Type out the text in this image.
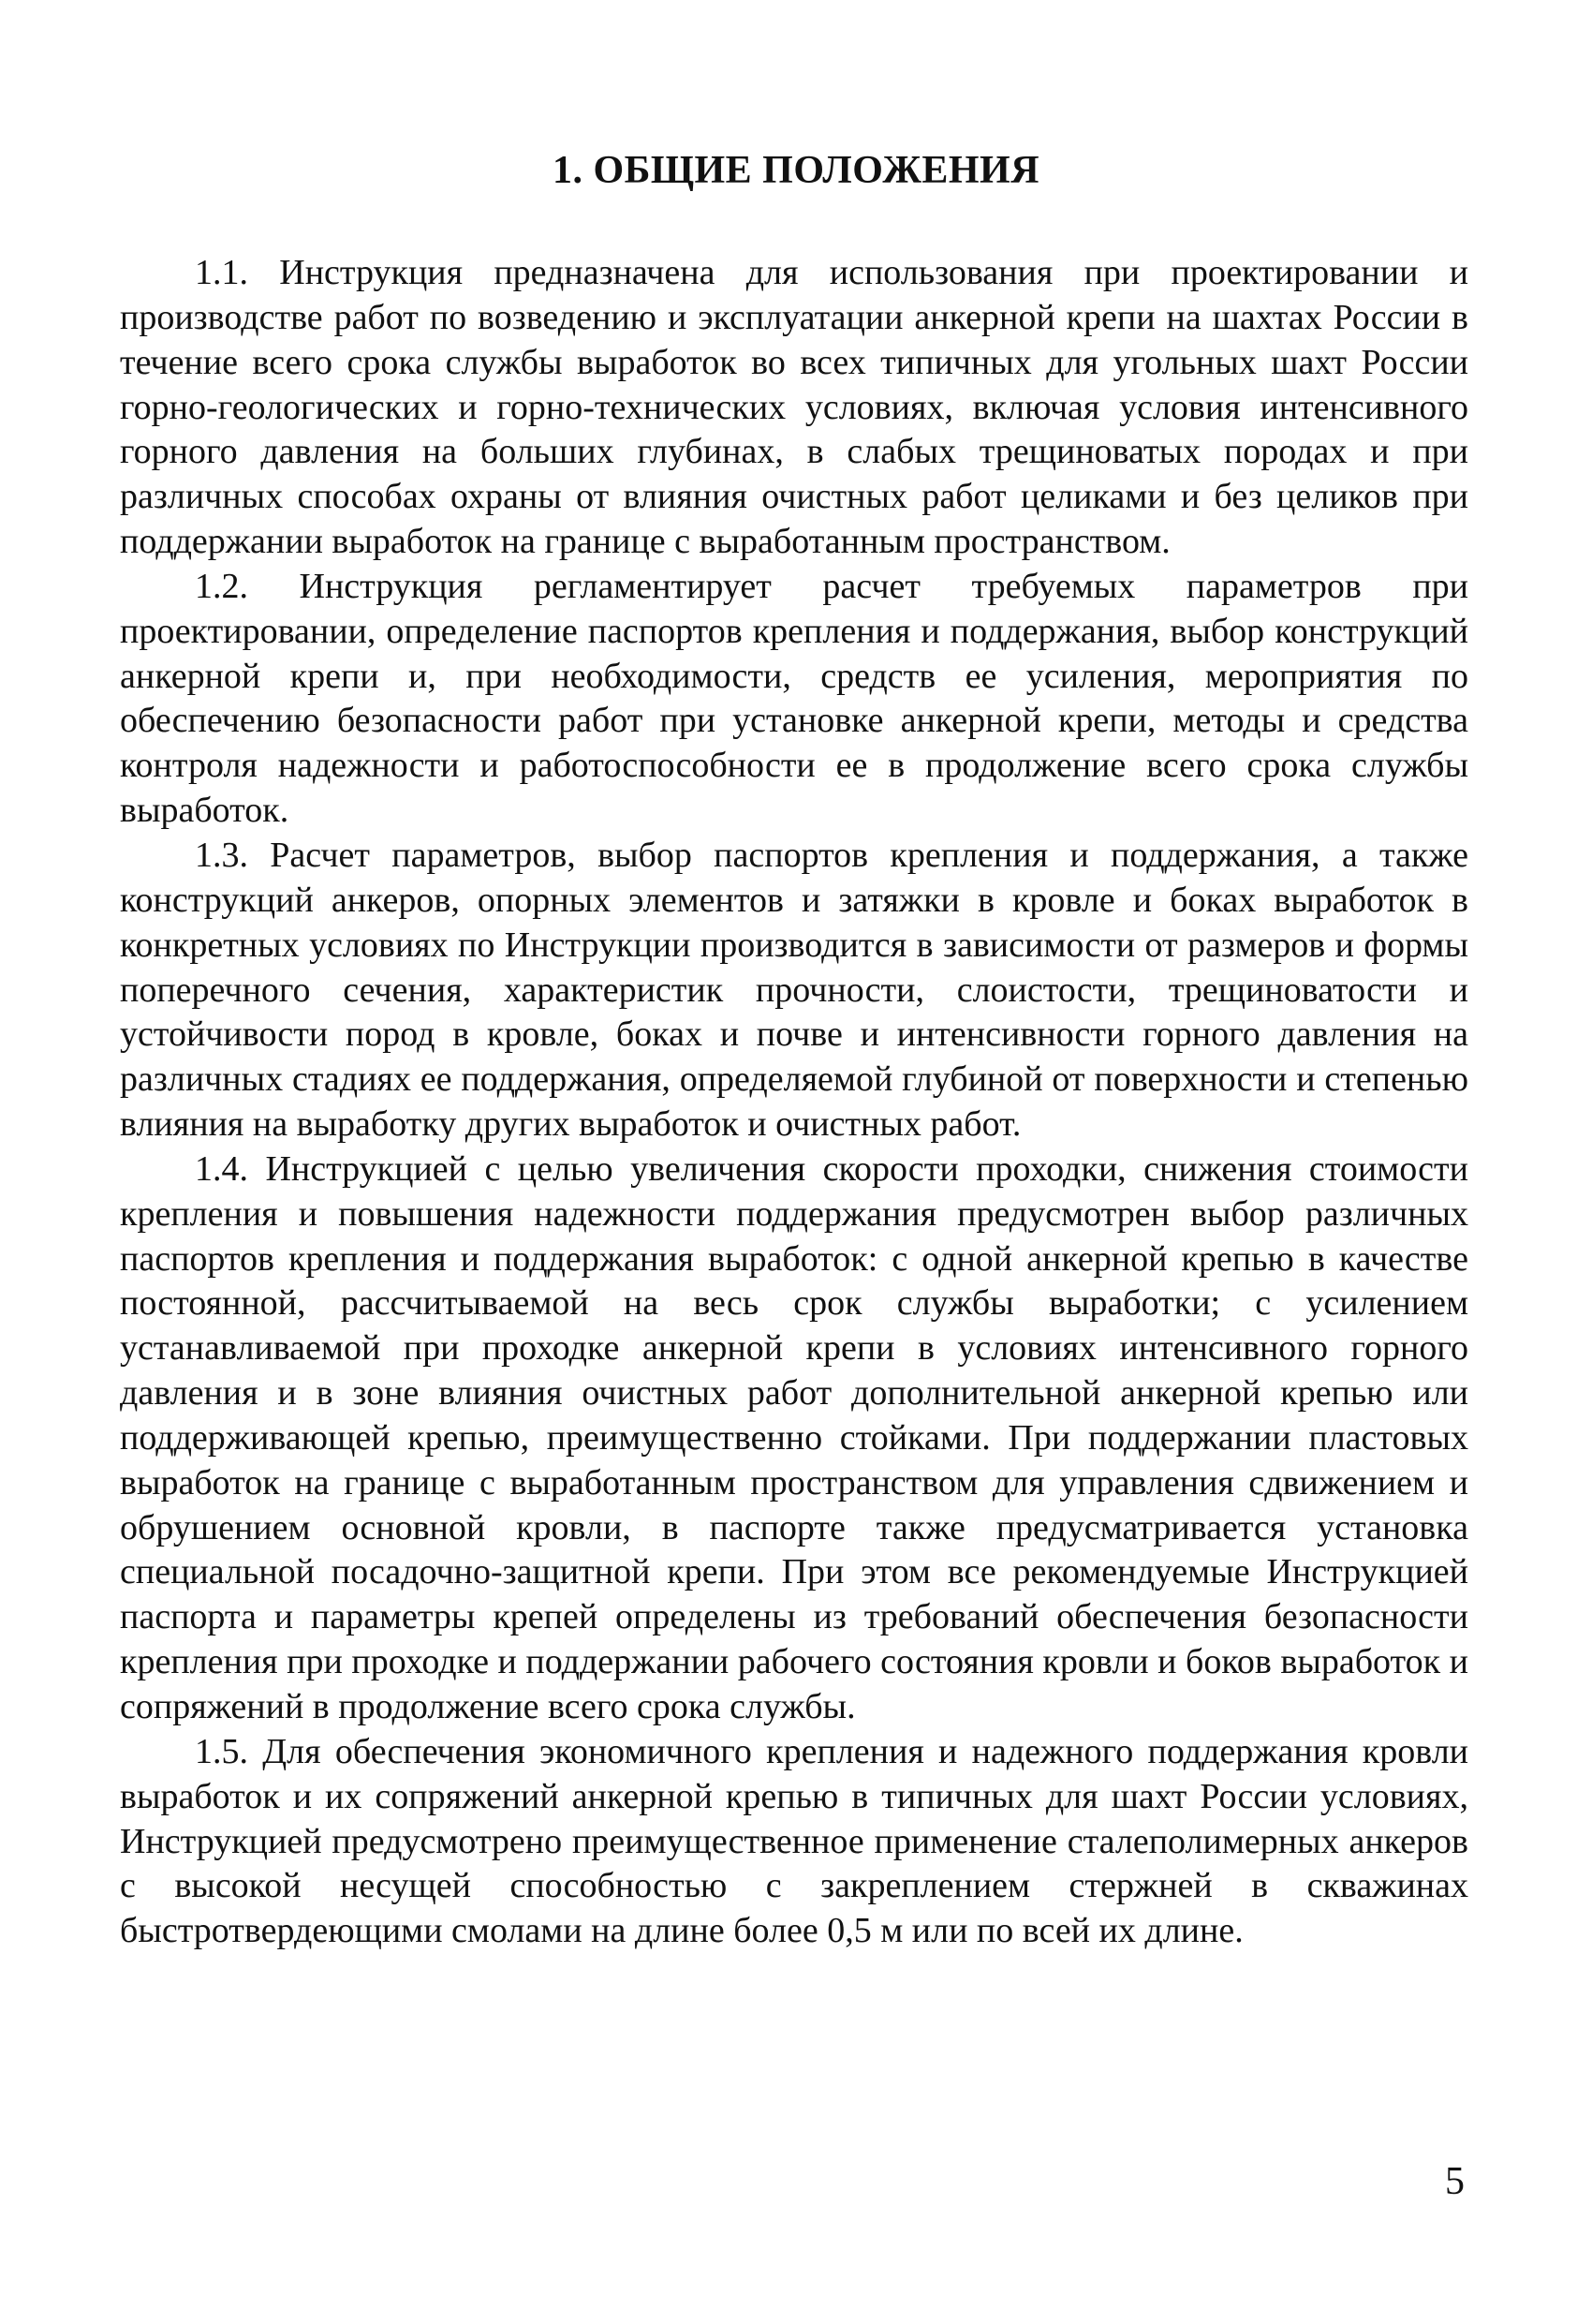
1. ОБЩИЕ ПОЛОЖЕНИЯ

1.1. Инструкция предназначена для использования при проектировании и производстве работ по возведению и эксплуатации анкерной крепи на шахтах России в течение всего срока службы выработок во всех типичных для угольных шахт России горно-геологических и горно-технических условиях, включая условия интенсивного горного давления на больших глубинах, в слабых трещиноватых породах и при различных способах охраны от влияния очистных работ целиками и без целиков при поддержании выработок на границе с выработанным пространством.

1.2. Инструкция регламентирует расчет требуемых параметров при проектировании, определение паспортов крепления и поддержания, выбор конструкций анкерной крепи и, при необходимости, средств ее усиления, мероприятия по обеспечению безопасности работ при установке анкерной крепи, методы и средства контроля надежности и работоспособности ее в продолжение всего срока службы выработок.

1.3. Расчет параметров, выбор паспортов крепления и поддержания, а также конструкций анкеров, опорных элементов и затяжки в кровле и боках выработок в конкретных условиях по Инструкции производится в зависимости от размеров и формы поперечного сечения, характеристик прочности, слоистости, трещиноватости и устойчивости пород в кровле, боках и почве и интенсивности горного давления на различных стадиях ее поддержания, определяемой глубиной от поверхности и степенью влияния на выработку других выработок и очистных работ.

1.4. Инструкцией с целью увеличения скорости проходки, снижения стоимости крепления и повышения надежности поддержания предусмотрен выбор различных паспортов крепления и поддержания выработок: с одной анкерной крепью в качестве постоянной, рассчитываемой на весь срок службы выработки; с усилением устанавливаемой при проходке анкерной крепи в условиях интенсивного горного давления и в зоне влияния очистных работ дополнительной анкерной крепью или поддерживающей крепью, преимущественно стойками. При поддержании пластовых выработок на границе с выработанным пространством для управления сдвижением и обрушением основной кровли, в паспорте также предусматривается установка специальной посадочно-защитной крепи. При этом все рекомендуемые Инструкцией паспорта и параметры крепей определены из требований обеспечения безопасности крепления при проходке и поддержании рабочего состояния кровли и боков выработок и сопряжений в продолжение всего срока службы.

1.5. Для обеспечения экономичного крепления и надежного поддержания кровли выработок и их сопряжений анкерной крепью в типичных для шахт России условиях, Инструкцией предусмотрено преимущественное применение сталеполимерных анкеров с высокой несущей способностью с закреплением стержней в скважинах быстротвердеющими смолами на длине более 0,5 м или по всей их длине.

5
